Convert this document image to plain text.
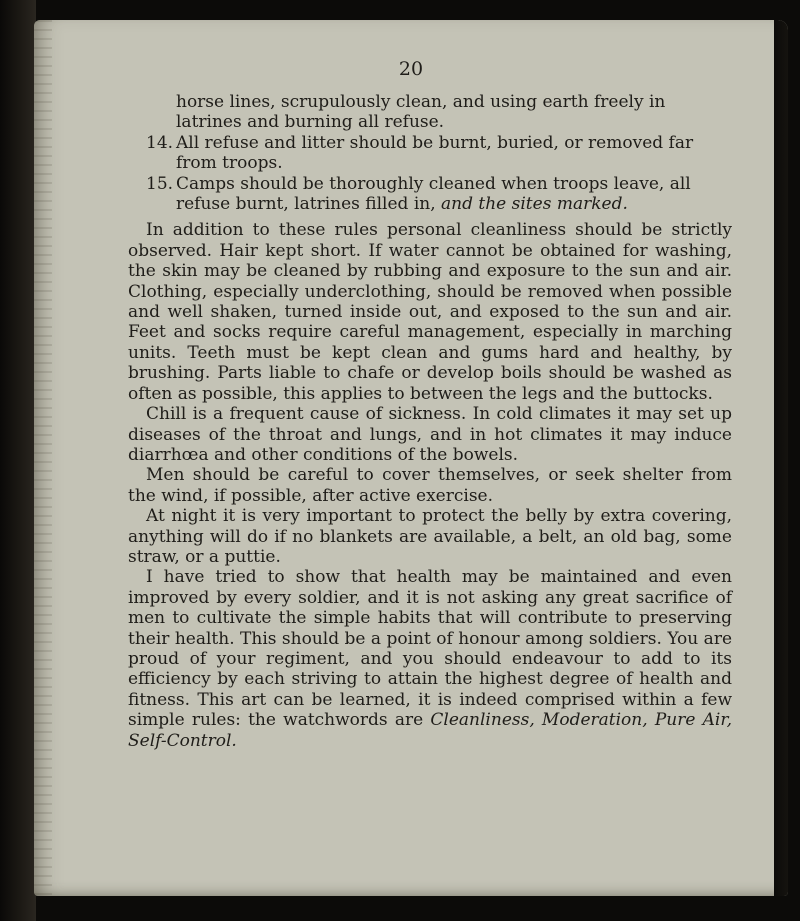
20
horse lines, scrupulously clean, and using earth freely in latrines and burning all refuse.
14. All refuse and litter should be burnt, buried, or removed far from troops.
15. Camps should be thoroughly cleaned when troops leave, all refuse burnt, latrines filled in, and the sites marked.

In addition to these rules personal cleanliness should be strictly observed. Hair kept short. If water cannot be obtained for washing, the skin may be cleaned by rubbing and exposure to the sun and air. Clothing, especially underclothing, should be removed when possible and well shaken, turned inside out, and exposed to the sun and air. Feet and socks require careful management, especially in marching units. Teeth must be kept clean and gums hard and healthy, by brushing. Parts liable to chafe or develop boils should be washed as often as possible, this applies to between the legs and the buttocks.

Chill is a frequent cause of sickness. In cold climates it may set up diseases of the throat and lungs, and in hot climates it may induce diarrhœa and other conditions of the bowels.

Men should be careful to cover themselves, or seek shelter from the wind, if possible, after active exercise.

At night it is very important to protect the belly by extra covering, anything will do if no blankets are available, a belt, an old bag, some straw, or a puttie.

I have tried to show that health may be maintained and even improved by every soldier, and it is not asking any great sacrifice of men to cultivate the simple habits that will contribute to preserving their health. This should be a point of honour among soldiers. You are proud of your regiment, and you should endeavour to add to its efficiency by each striving to attain the highest degree of health and fitness. This art can be learned, it is indeed comprised within a few simple rules: the watchwords are Cleanliness, Moderation, Pure Air, Self-Control.
